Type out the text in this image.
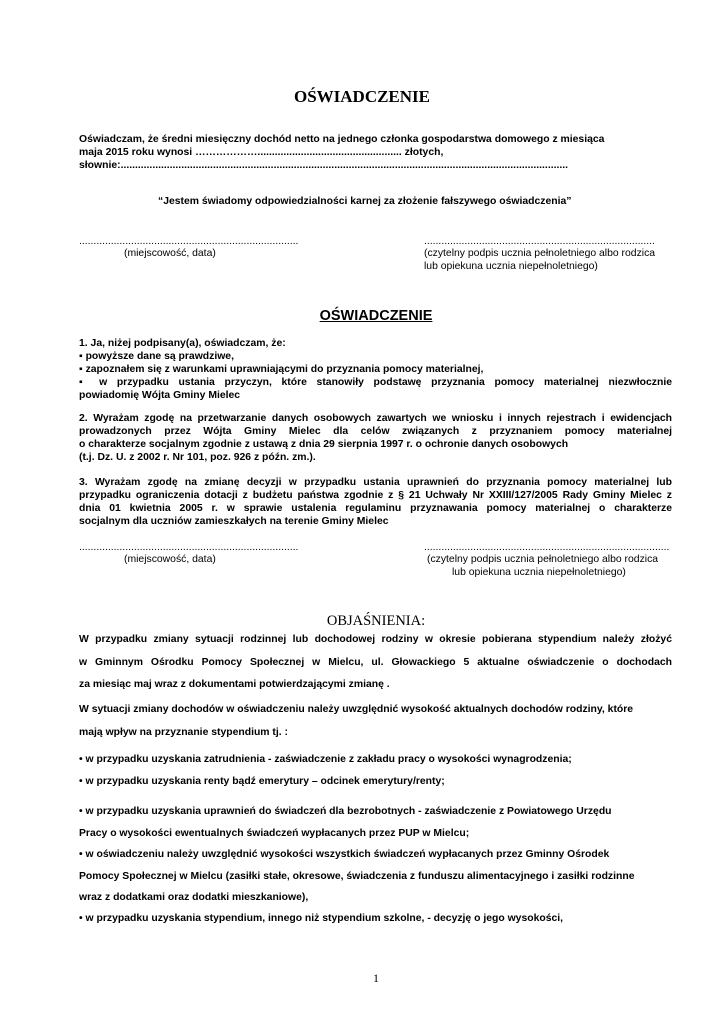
OŚWIADCZENIE
Oświadczam, że średni miesięczny dochód netto na jednego członka gospodarstwa domowego z miesiąca
maja 2015 roku wynosi ……………….................................................. złotych,
słownie:...........................................................................................................................................................
“Jestem świadomy odpowiedzialności karnej za złożenie fałszywego oświadczenia”
............................................................................
(miejscowość, data)
................................................................................
(czytelny podpis ucznia pełnoletniego albo rodzica
lub opiekuna ucznia niepełnoletniego)
OŚWIADCZENIE
1. Ja, niżej podpisany(a), oświadczam, że:
▪ powyższe dane są prawdziwe,
▪ zapoznałem się z warunkami uprawniającymi do przyznania pomocy materialnej,
▪ w przypadku ustania przyczyn, które stanowiły podstawę przyznania pomocy materialnej niezwłocznie
powiadomię Wójta Gminy Mielec
2. Wyrażam zgodę na przetwarzanie danych osobowych zawartych we wniosku i innych rejestrach i ewidencjach
prowadzonych przez Wójta Gminy Mielec dla celów związanych z przyznaniem pomocy materialnej
o charakterze socjalnym zgodnie z ustawą z dnia 29 sierpnia 1997 r. o ochronie danych osobowych
(t.j. Dz. U. z 2002 r. Nr 101, poz. 926 z późn. zm.).
3. Wyrażam zgodę na zmianę decyzji w przypadku ustania uprawnień do przyznania pomocy materialnej lub
przypadku ograniczenia dotacji z budżetu państwa zgodnie z § 21 Uchwały Nr XXIII/127/2005 Rady Gminy Mielec z
dnia 01 kwietnia 2005 r. w sprawie ustalenia regulaminu przyznawania pomocy materialnej o charakterze
socjalnym dla uczniów zamieszkałych na terenie Gminy Mielec
............................................................................
(miejscowość, data)
.....................................................................................
(czytelny podpis ucznia pełnoletniego albo rodzica
lub opiekuna ucznia niepełnoletniego)
OBJAŚNIENIA:
W przypadku zmiany sytuacji rodzinnej lub dochodowej rodziny w okresie pobierana stypendium należy złożyć
w Gminnym Ośrodku Pomocy Społecznej w Mielcu, ul. Głowackiego 5 aktualne oświadczenie o dochodach
za miesiąc maj wraz z dokumentami potwierdzającymi zmianę .
W sytuacji zmiany dochodów w oświadczeniu należy uwzględnić wysokość aktualnych dochodów rodziny, które
mają wpływ na przyznanie stypendium tj. :
• w przypadku uzyskania zatrudnienia - zaświadczenie z zakładu pracy o wysokości wynagrodzenia;
• w przypadku uzyskania renty bądź emerytury – odcinek emerytury/renty;
• w przypadku uzyskania uprawnień do świadczeń dla bezrobotnych - zaświadczenie z Powiatowego Urzędu
Pracy o wysokości ewentualnych świadczeń wypłacanych przez PUP w Mielcu;
• w oświadczeniu należy uwzględnić wysokości wszystkich świadczeń wypłacanych przez Gminny Ośrodek
Pomocy Społecznej w Mielcu (zasiłki stałe, okresowe, świadczenia z funduszu alimentacyjnego i zasiłki rodzinne
wraz z dodatkami oraz dodatki mieszkaniowe),
• w przypadku uzyskania stypendium, innego niż stypendium szkolne, - decyzję o jego wysokości,
1
